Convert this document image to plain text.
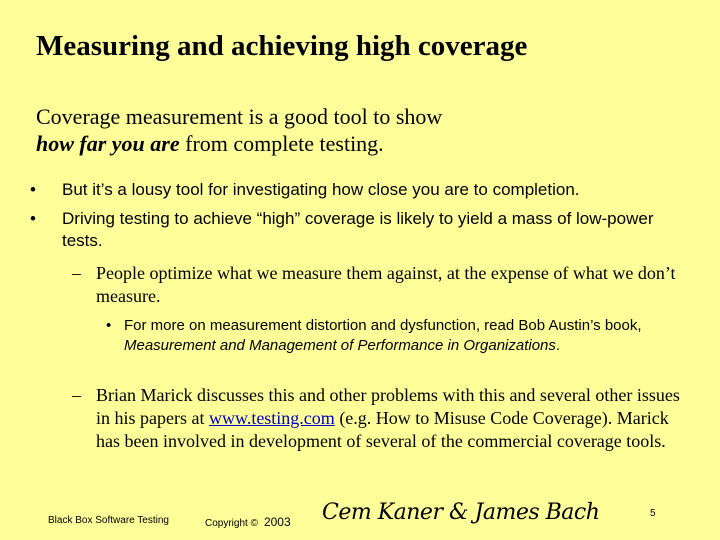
Measuring and achieving high coverage

Coverage measurement is a good tool to show
how far you are from complete testing.

• But it’s a lousy tool for investigating how close you are to completion.
• Driving testing to achieve “high” coverage is likely to yield a mass of low-power tests.
– People optimize what we measure them against, at the expense of what we don’t measure.
• For more on measurement distortion and dysfunction, read Bob Austin’s book, Measurement and Management of Performance in Organizations.
– Brian Marick discusses this and other problems with this and several other issues in his papers at www.testing.com (e.g. How to Misuse Code Coverage). Marick has been involved in development of several of the commercial coverage tools.
Black Box Software Testing	Copyright © 2003 Cem Kaner & James Bach	5
